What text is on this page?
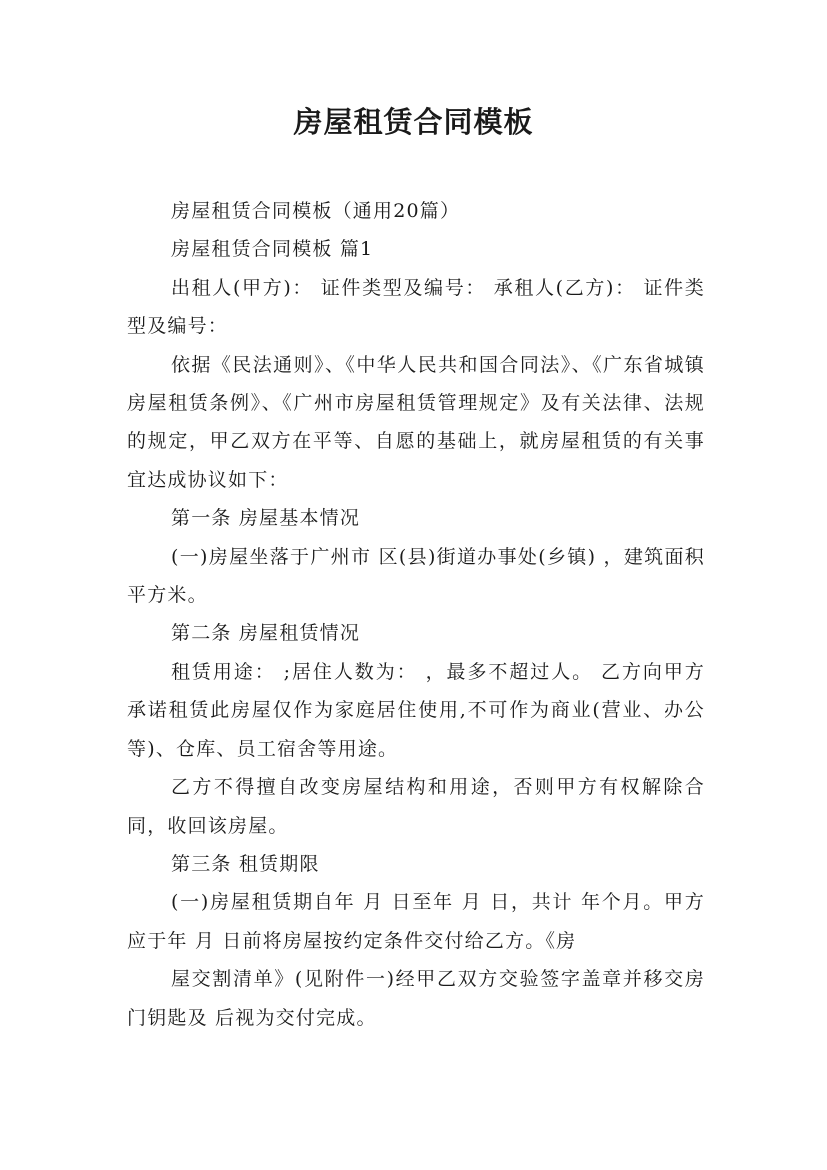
房屋租赁合同模板

房屋租赁合同模板（通用20篇）

房屋租赁合同模板 篇1

出租人(甲方)： 证件类型及编号： 承租人(乙方)： 证件类型及编号：

依据《民法通则》、《中华人民共和国合同法》、《广东省城镇房屋租赁条例》、《广州市房屋租赁管理规定》及有关法律、法规的规定，甲乙双方在平等、自愿的基础上，就房屋租赁的有关事宜达成协议如下：

第一条 房屋基本情况

(一)房屋坐落于广州市 区(县)街道办事处(乡镇) ，建筑面积 平方米。

第二条 房屋租赁情况

租赁用途： ;居住人数为： ，最多不超过人。 乙方向甲方承诺租赁此房屋仅作为家庭居住使用,不可作为商业(营业、办公等)、仓库、员工宿舍等用途。

乙方不得擅自改变房屋结构和用途，否则甲方有权解除合同，收回该房屋。

第三条 租赁期限

(一)房屋租赁期自年 月 日至年 月 日，共计 年个月。甲方应于年 月 日前将房屋按约定条件交付给乙方。《房

屋交割清单》(见附件一)经甲乙双方交验签字盖章并移交房门钥匙及 后视为交付完成。
